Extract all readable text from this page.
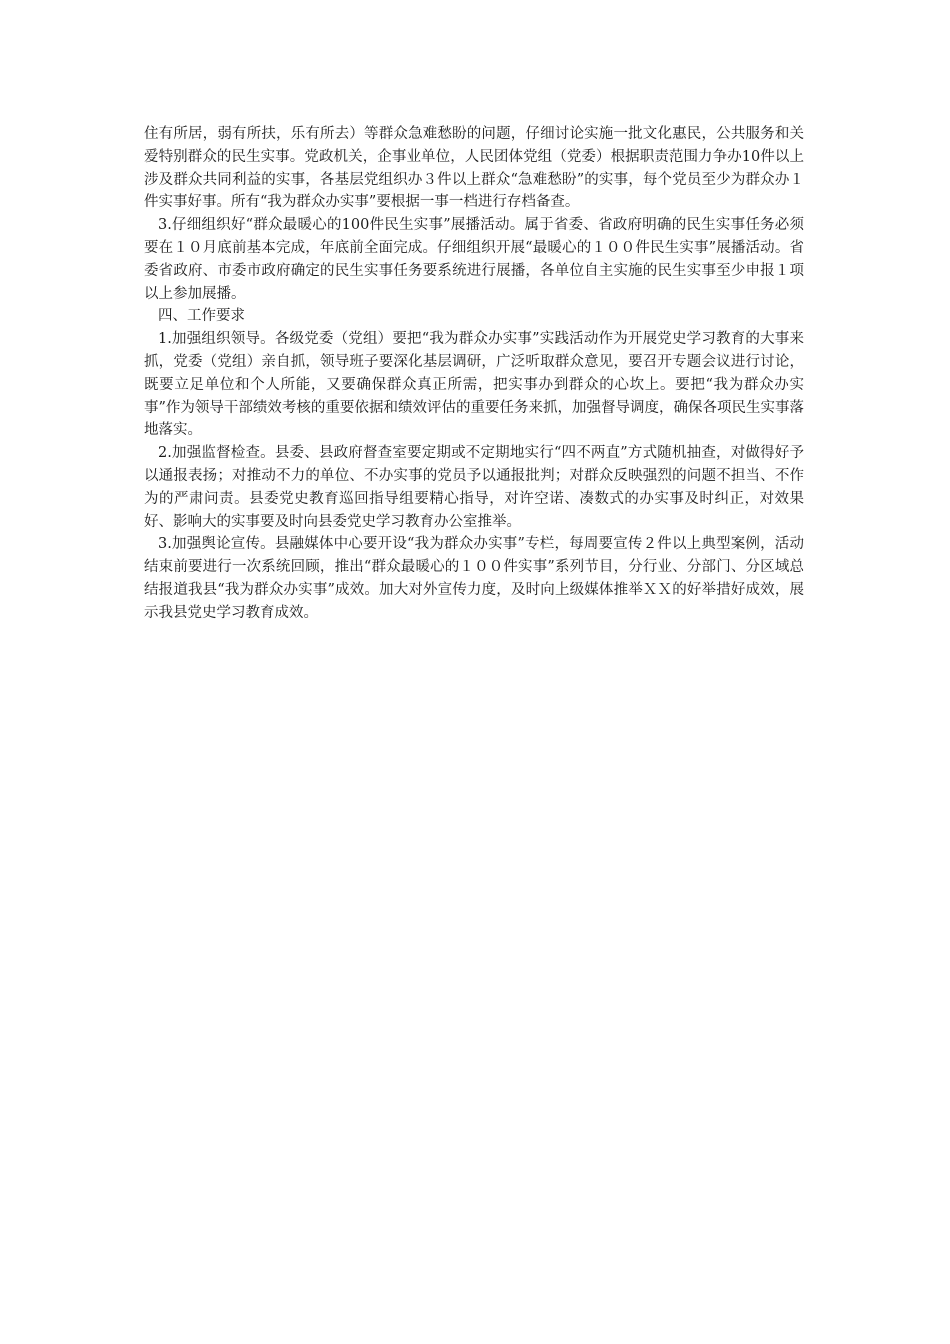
住有所居，弱有所扶，乐有所去）等群众急难愁盼的问题，仔细讨论实施一批文化惠民，公共服务和关爱特别群众的民生实事。党政机关，企事业单位，人民团体党组（党委）根据职责范围力争办10件以上涉及群众共同利益的实事，各基层党组织办３件以上群众“急难愁盼”的实事，每个党员至少为群众办１件实事好事。所有“我为群众办实事”要根据一事一档进行存档备查。

3.仔细组织好“群众最暖心的100件民生实事”展播活动。属于省委、省政府明确的民生实事任务必须要在１０月底前基本完成，年底前全面完成。仔细组织开展“最暖心的１００件民生实事”展播活动。省委省政府、市委市政府确定的民生实事任务要系统进行展播，各单位自主实施的民生实事至少申报１项以上参加展播。

四、工作要求

1.加强组织领导。各级党委（党组）要把“我为群众办实事”实践活动作为开展党史学习教育的大事来抓，党委（党组）亲自抓，领导班子要深化基层调研，广泛听取群众意见，要召开专题会议进行讨论，既要立足单位和个人所能，又要确保群众真正所需，把实事办到群众的心坎上。要把“我为群众办实事”作为领导干部绩效考核的重要依据和绩效评估的重要任务来抓，加强督导调度，确保各项民生实事落地落实。

2.加强监督检查。县委、县政府督查室要定期或不定期地实行“四不两直”方式随机抽查，对做得好予以通报表扬；对推动不力的单位、不办实事的党员予以通报批判；对群众反映强烈的问题不担当、不作为的严肃问责。县委党史教育巡回指导组要精心指导，对许空诺、凑数式的办实事及时纠正，对效果好、影响大的实事要及时向县委党史学习教育办公室推举。

3.加强舆论宣传。县融媒体中心要开设“我为群众办实事”专栏，每周要宣传２件以上典型案例，活动结束前要进行一次系统回顾，推出“群众最暖心的１００件实事”系列节目，分行业、分部门、分区域总结报道我县“我为群众办实事”成效。加大对外宣传力度，及时向上级媒体推举ＸＸ的好举措好成效，展示我县党史学习教育成效。
